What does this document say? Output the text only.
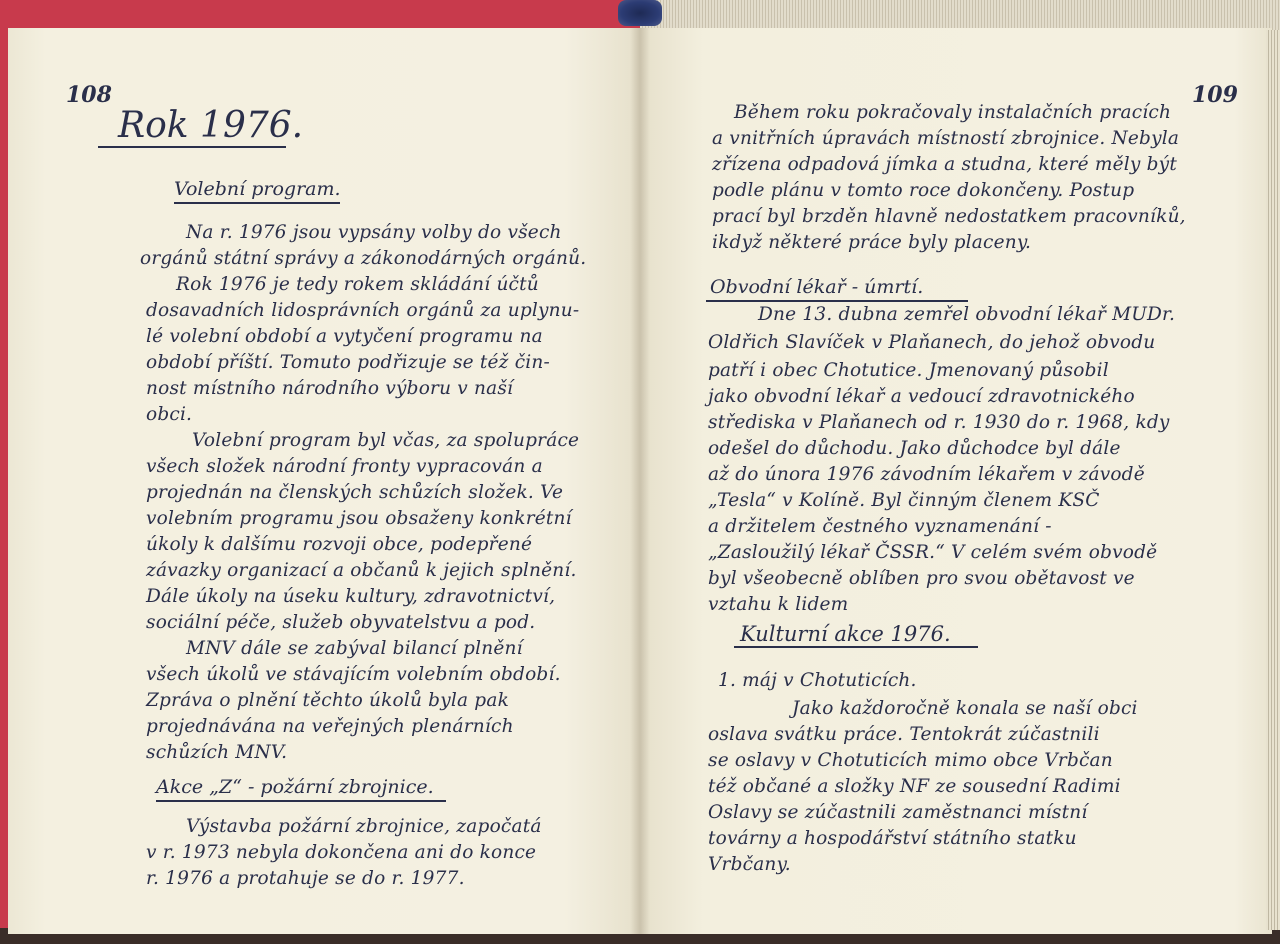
108
Rok 1976.
Volební program.
Na r. 1976 jsou vypsány volby do všech
orgánů státní správy a zákonodárných orgánů.
Rok 1976 je tedy rokem skládání účtů
dosavadních lidosprávních orgánů za uplynu-
lé volební období a vytyčení programu na
období příští. Tomuto podřizuje se též čin-
nost místního národního výboru v naší
obci.
Volební program byl včas, za spolupráce
všech složek národní fronty vypracován a
projednán na členských schůzích složek. Ve
volebním programu jsou obsaženy konkrétní
úkoly k dalšímu rozvoji obce, podepřené
závazky organizací a občanů k jejich splnění.
Dále úkoly na úseku kultury, zdravotnictví,
sociální péče, služeb obyvatelstvu a pod.
MNV dále se zabýval bilancí plnění
všech úkolů ve stávajícím volebním období.
Zpráva o plnění těchto úkolů byla pak
projednávána na veřejných plenárních
schůzích MNV.
Akce „Z“ - požární zbrojnice.
Výstavba požární zbrojnice, započatá
v r. 1973 nebyla dokončena ani do konce
r. 1976 a protahuje se do r. 1977.
109
Během roku pokračovaly instalačních pracích
a vnitřních úpravách místností zbrojnice. Nebyla
zřízena odpadová jímka a studna, které měly být
podle plánu v tomto roce dokončeny. Postup
prací byl brzděn hlavně nedostatkem pracovníků,
ikdyž některé práce byly placeny.
Obvodní lékař - úmrtí.
Dne 13. dubna zemřel obvodní lékař MUDr.
Oldřich Slavíček v Plaňanech, do jehož obvodu
patří i obec Chotutice. Jmenovaný působil
jako obvodní lékař a vedoucí zdravotnického
střediska v Plaňanech od r. 1930 do r. 1968, kdy
odešel do důchodu. Jako důchodce byl dále
až do února 1976 závodním lékařem v závodě
„Tesla“ v Kolíně. Byl činným členem KSČ
a držitelem čestného vyznamenání -
„Zasloužilý lékař ČSSR.“ V celém svém obvodě
byl všeobecně oblíben pro svou obětavost ve
vztahu k lidem
Kulturní akce 1976.
1. máj v Chotuticích.
Jako každoročně konala se naší obci
oslava svátku práce. Tentokrát zúčastnili
se oslavy v Chotuticích mimo obce Vrbčan
též občané a složky NF ze sousední Radimi
Oslavy se zúčastnili zaměstnanci místní
továrny a hospodářství státního statku
Vrbčany.
